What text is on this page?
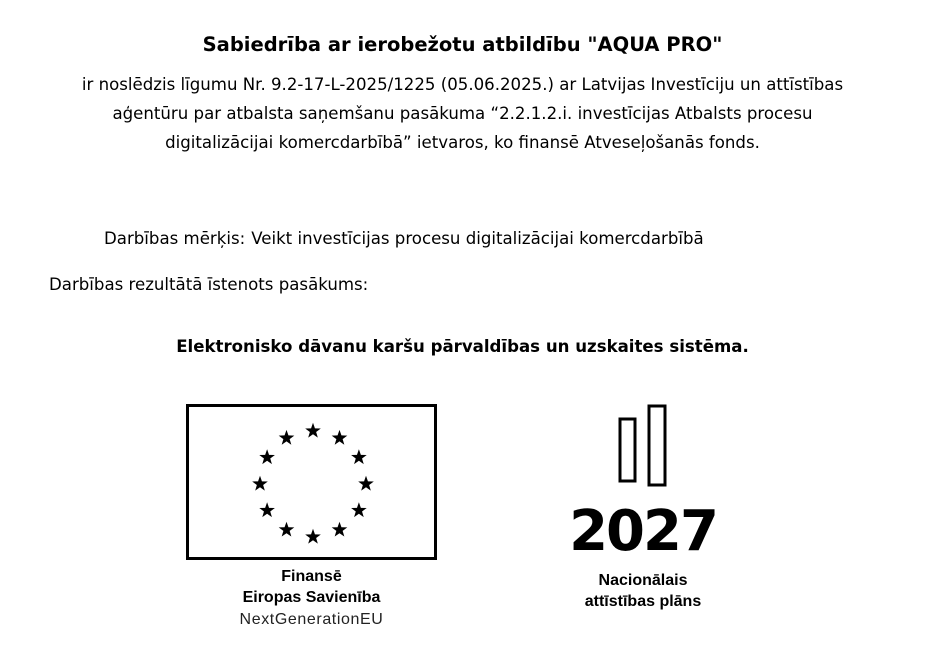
Sabiedrība ar ierobežotu atbildību "AQUA PRO"
ir noslēdzis līgumu Nr. 9.2-17-L-2025/1225 (05.06.2025.) ar Latvijas Investīciju un attīstības
aģentūru par atbalsta saņemšanu pasākuma “2.2.1.2.i. investīcijas Atbalsts procesu
digitalizācijai komercdarbībā” ietvaros, ko finansē Atveseļošanās fonds.
Darbības mērķis: Veikt investīcijas procesu digitalizācijai komercdarbībā
Darbības rezultātā īstenots pasākums:
Elektronisko dāvanu karšu pārvaldības un uzskaites sistēma.
Finansē
Eiropas Savienība
NextGenerationEU
2027
Nacionālais
attīstības plāns
